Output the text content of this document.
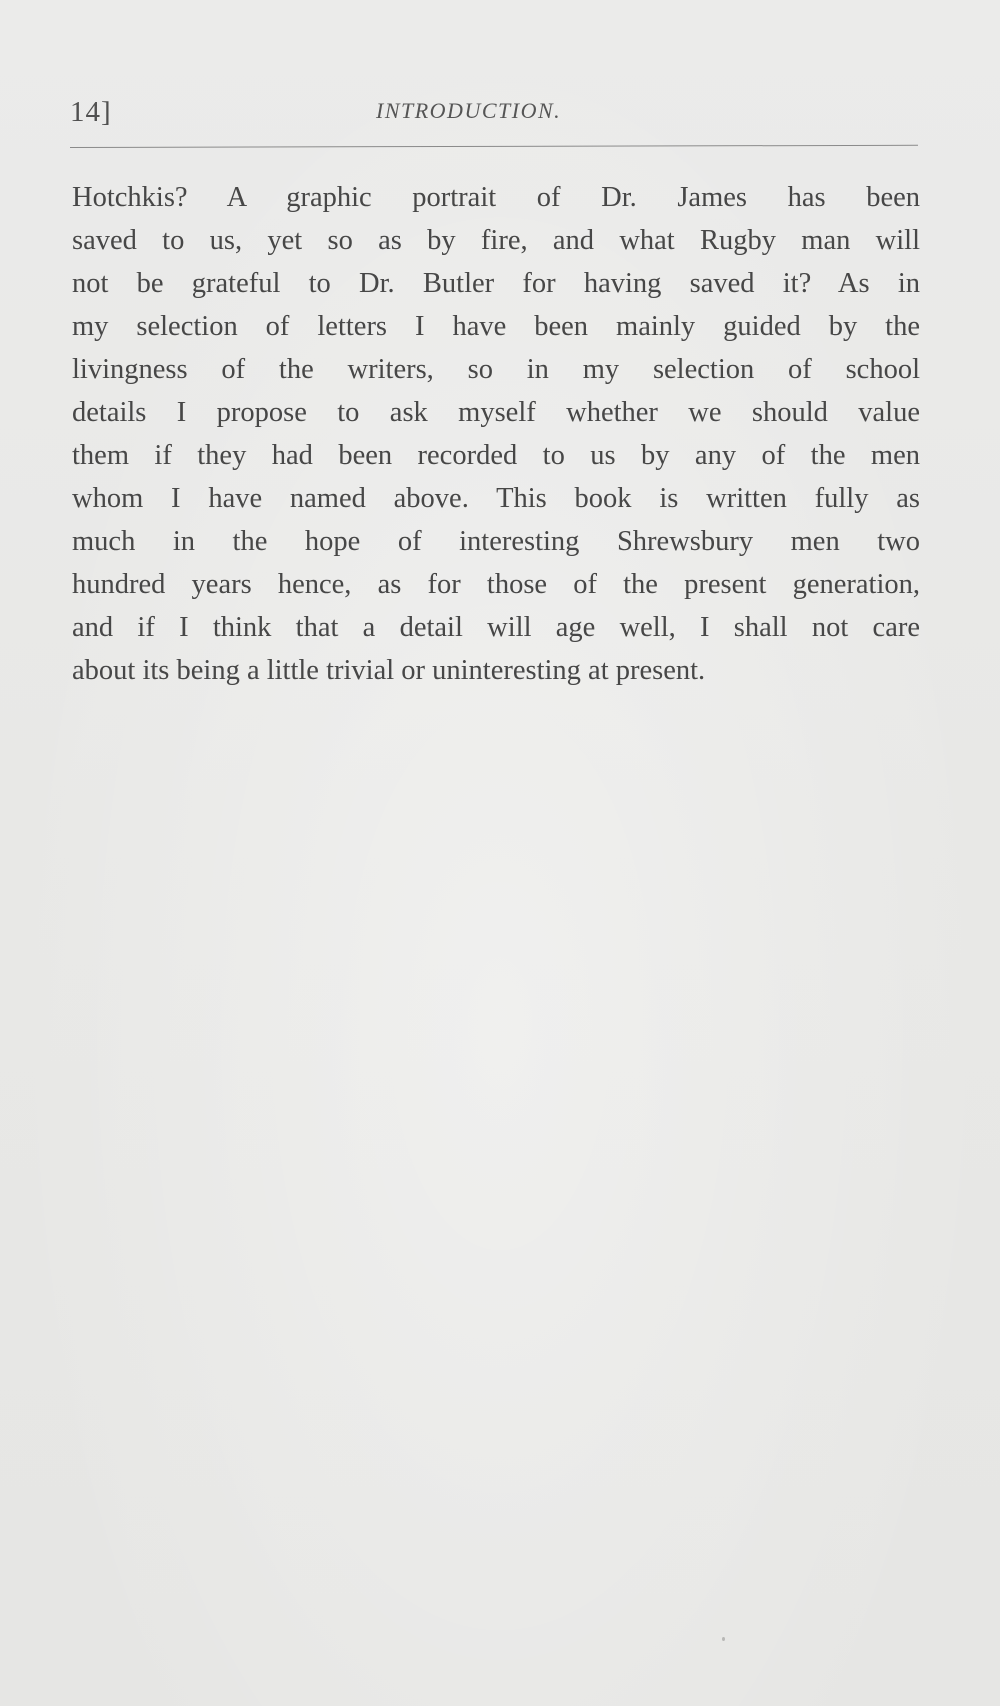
14]	INTRODUCTION.
Hotchkis? A graphic portrait of Dr. James has been
saved to us, yet so as by fire, and what Rugby man will
not be grateful to Dr. Butler for having saved it? As in
my selection of letters I have been mainly guided by the
livingness of the writers, so in my selection of school
details I propose to ask myself whether we should value
them if they had been recorded to us by any of the men
whom I have named above. This book is written fully as
much in the hope of interesting Shrewsbury men two
hundred years hence, as for those of the present generation,
and if I think that a detail will age well, I shall not care
about its being a little trivial or uninteresting at present.
